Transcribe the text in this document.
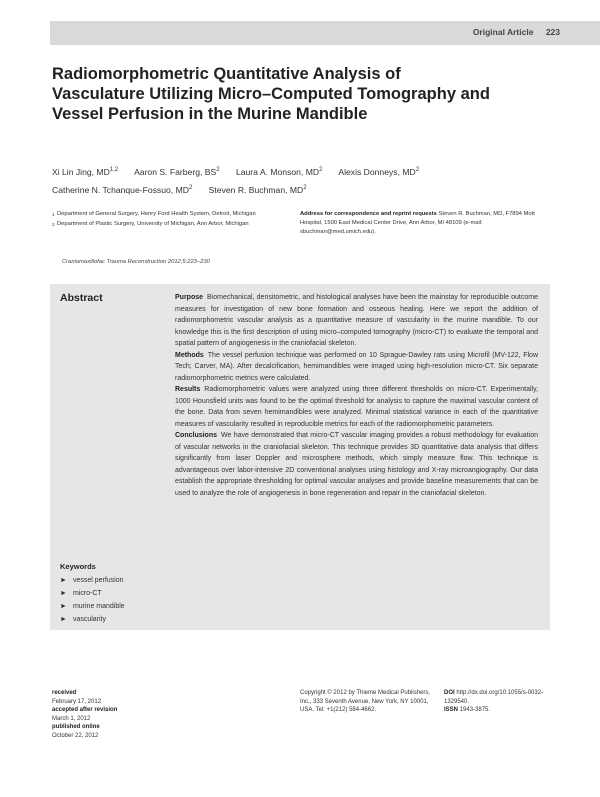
Original Article 223
Radiomorphometric Quantitative Analysis of Vasculature Utilizing Micro–Computed Tomography and Vessel Perfusion in the Murine Mandible
Xi Lin Jing, MD$^{1,2}$ Aaron S. Farberg, $BS^2$ Laura A. Monson, $MD^2$ Alexis Donneys, $MD^2$
Catherine N. Tchanque-Fossuo, $MD^2$ Steven R. Buchman, $MD^2$
1 Department of General Surgery, Henry Ford Health System, Detroit, Michigan
2 Department of Plastic Surgery, University of Michigan, Ann Arbor, Michigan
Address for correspondence and reprint requests Steven R. Buchman, MD, F7894 Mott Hospital, 1500 East Medical Center Drive, Ann Arbor, MI 48109 (e-mail: sbuchman@med.umich.edu).
Craniomaxillofac Trauma Reconstruction 2012;5:223–230
Abstract	Purpose Biomechanical, densitometric, and histological analyses have been the mainstay for reproducible outcome measures for investigation of new bone formation and osseous healing. Here we report the addition of radiomorphometric vascular analysis as a quantitative measure of vascularity in the murine mandible. To our knowledge this is the first description of using micro–computed tomography (micro-CT) to evaluate the temporal and spatial pattern of angiogenesis in the craniofacial skeleton.

Methods The vessel perfusion technique was performed on 10 Sprague-Dawley rats using Microfil (MV-122, Flow Tech; Carver, MA). After decalcification, hemimandibles were imaged using high-resolution micro-CT. Six separate radiomorphometric metrics were calculated.

Results Radiomorphometric values were analyzed using three different thresholds on micro-CT. Experimentally, 1000 Hounsfield units was found to be the optimal threshold for analysis to capture the maximal vascular content of the bone. Data from seven hemimandibles were analyzed. Minimal statistical variance in each of the quantitative measures of vascularity resulted in reproducible metrics for each of the radiomorphometric parameters.

Conclusions We have demonstrated that micro-CT vascular imaging provides a robust methodology for evaluation of vascular networks in the craniofacial skeleton. This technique provides 3D quantitative data analysis that differs significantly from laser Doppler and microsphere methods, which simply measure flow. This technique is advantageous over labor-intensive 2D conventional analyses using histology and X-ray microangiography. Our data establish the appropriate thresholding for optimal vascular analyses and provide baseline measurements that can be used to analyze the role of angiogenesis in bone regeneration and repair in the craniofacial skeleton.

Keywords
► vessel perfusion
► micro-CT
► murine mandible
► vascularity
received
February 17, 2012
accepted after revision
March 1, 2012
published online
October 22, 2012
Copyright © 2012 by Thieme Medical Publishers, Inc., 333 Seventh Avenue, New York, NY 10001, USA. Tel: +1(212) 584-4662.
DOI http://dx.doi.org/10.1055/s-0032-1329540.
ISSN 1943-3875.
